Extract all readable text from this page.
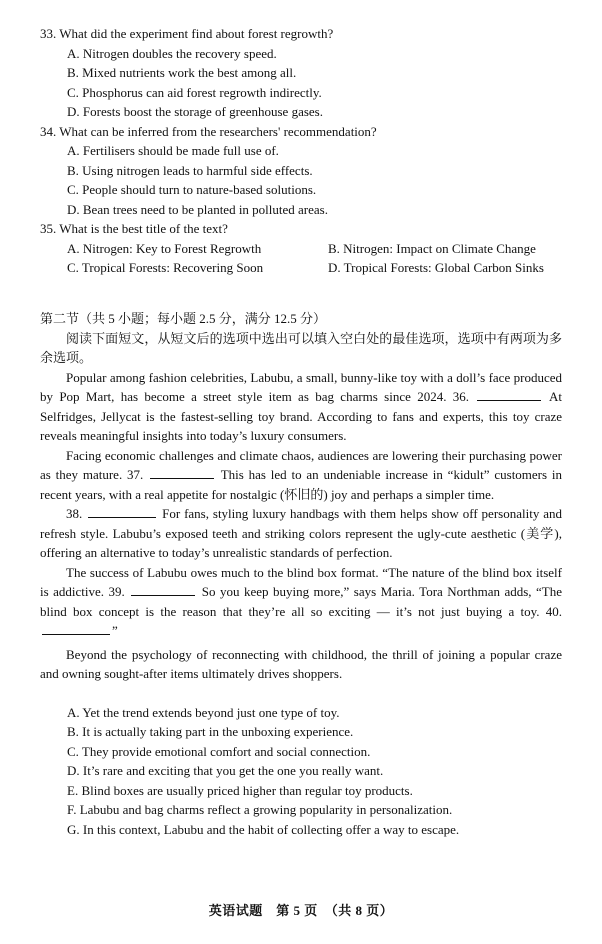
33. What did the experiment find about forest regrowth?
A. Nitrogen doubles the recovery speed.
B. Mixed nutrients work the best among all.
C. Phosphorus can aid forest regrowth indirectly.
D. Forests boost the storage of greenhouse gases.
34. What can be inferred from the researchers' recommendation?
A. Fertilisers should be made full use of.
B. Using nitrogen leads to harmful side effects.
C. People should turn to nature-based solutions.
D. Bean trees need to be planted in polluted areas.
35. What is the best title of the text?
A. Nitrogen: Key to Forest Regrowth	B. Nitrogen: Impact on Climate Change
C. Tropical Forests: Recovering Soon	D. Tropical Forests: Global Carbon Sinks
第二节（共 5 小题；每小题 2.5 分，满分 12.5 分）
阅读下面短文，从短文后的选项中选出可以填入空白处的最佳选项，选项中有两项为多余选项。
Popular among fashion celebrities, Labubu, a small, bunny-like toy with a doll’s face produced by Pop Mart, has become a street style item as bag charms since 2024. 36.	At Selfridges, Jellycat is the fastest-selling toy brand. According to fans and experts, this toy craze reveals meaningful insights into today’s luxury consumers.
Facing economic challenges and climate chaos, audiences are lowering their purchasing power as they mature. 37.	This has led to an undeniable increase in “kidult” customers in recent years, with a real appetite for nostalgic (怀旧的) joy and perhaps a simpler time.
38.	For fans, styling luxury handbags with them helps show off personality and refresh style. Labubu’s exposed teeth and striking colors represent the ugly-cute aesthetic (美学), offering an alternative to today’s unrealistic standards of perfection.
The success of Labubu owes much to the blind box format. “The nature of the blind box itself is addictive. 39.	So you keep buying more,” says Maria. Tora Northman adds, “The blind box concept is the reason that they’re all so exciting — it’s not just buying a toy. 40. ”
Beyond the psychology of reconnecting with childhood, the thrill of joining a popular craze and owning sought-after items ultimately drives shoppers.
A. Yet the trend extends beyond just one type of toy.
B. It is actually taking part in the unboxing experience.
C. They provide emotional comfort and social connection.
D. It’s rare and exciting that you get the one you really want.
E. Blind boxes are usually priced higher than regular toy products.
F. Labubu and bag charms reflect a growing popularity in personalization.
G. In this context, Labubu and the habit of collecting offer a way to escape.
英语试题　第 5 页　（共 8 页）
